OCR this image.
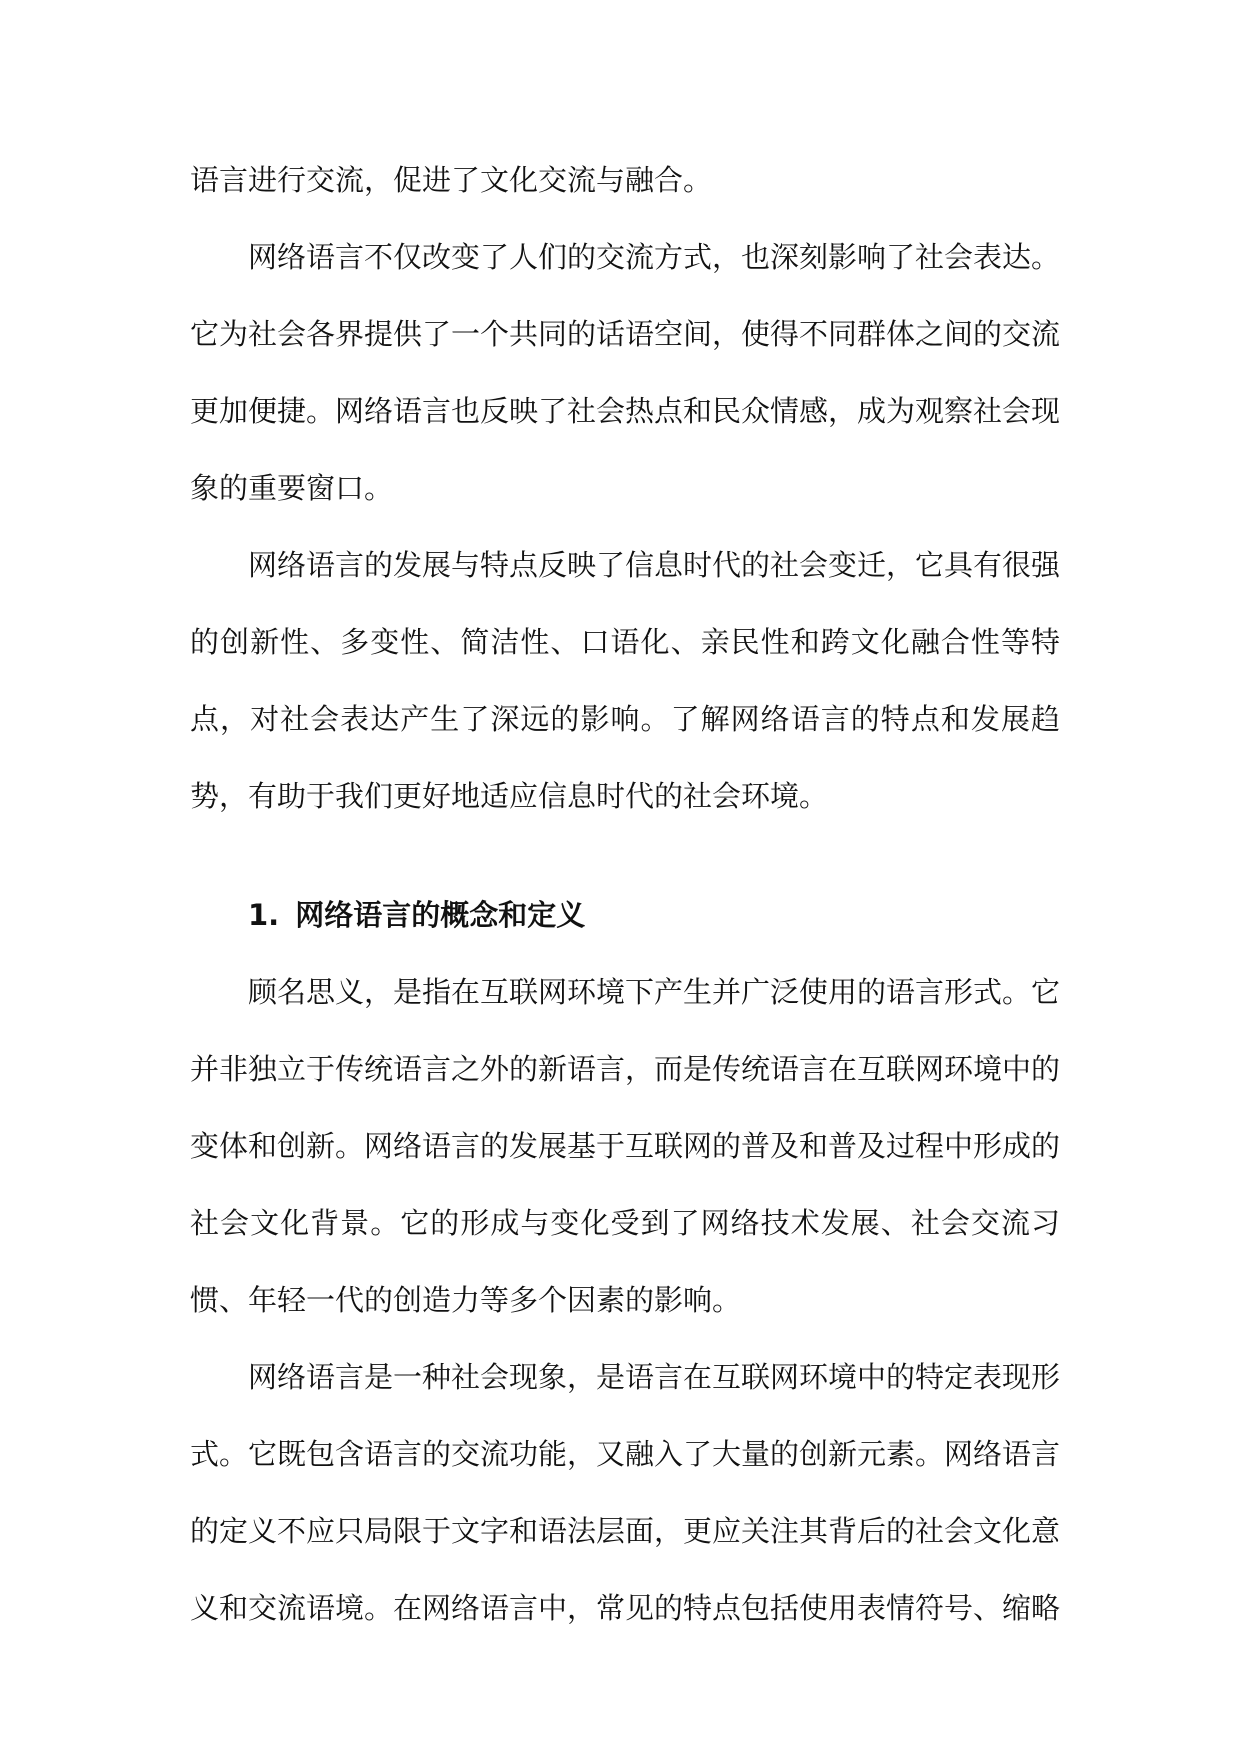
语言进行交流，促进了文化交流与融合。

网络语言不仅改变了人们的交流方式，也深刻影响了社会表达。它为社会各界提供了一个共同的话语空间，使得不同群体之间的交流更加便捷。网络语言也反映了社会热点和民众情感，成为观察社会现象的重要窗口。

网络语言的发展与特点反映了信息时代的社会变迁，它具有很强的创新性、多变性、简洁性、口语化、亲民性和跨文化融合性等特点，对社会表达产生了深远的影响。了解网络语言的特点和发展趋势，有助于我们更好地适应信息时代的社会环境。

1. 网络语言的概念和定义

顾名思义，是指在互联网环境下产生并广泛使用的语言形式。它并非独立于传统语言之外的新语言，而是传统语言在互联网环境中的变体和创新。网络语言的发展基于互联网的普及和普及过程中形成的社会文化背景。它的形成与变化受到了网络技术发展、社会交流习惯、年轻一代的创造力等多个因素的影响。

网络语言是一种社会现象，是语言在互联网环境中的特定表现形式。它既包含语言的交流功能，又融入了大量的创新元素。网络语言的定义不应只局限于文字和语法层面，更应关注其背后的社会文化意义和交流语境。在网络语言中，常见的特点包括使用表情符号、缩略
